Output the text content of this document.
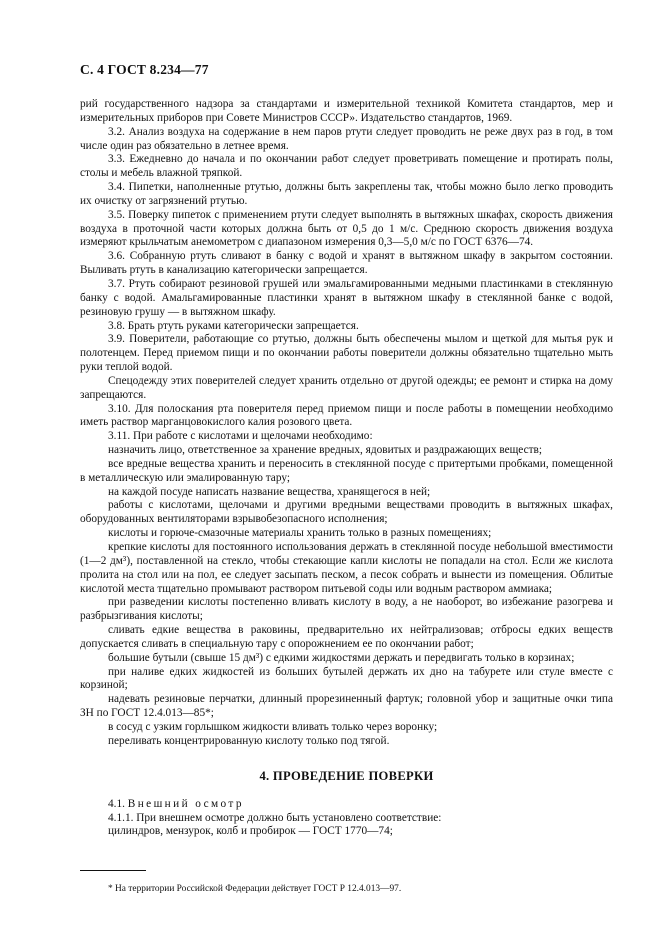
С. 4 ГОСТ 8.234—77

рий государственного надзора за стандартами и измерительной техникой Комитета стандартов, мер и измерительных приборов при Совете Министров СССР». Издательство стандартов, 1969.

3.2. Анализ воздуха на содержание в нем паров ртути следует проводить не реже двух раз в год, в том числе один раз обязательно в летнее время.

3.3. Ежедневно до начала и по окончании работ следует проветривать помещение и протирать полы, столы и мебель влажной тряпкой.

3.4. Пипетки, наполненные ртутью, должны быть закреплены так, чтобы можно было легко проводить их очистку от загрязнений ртутью.

3.5. Поверку пипеток с применением ртути следует выполнять в вытяжных шкафах, скорость движения воздуха в проточной части которых должна быть от 0,5 до 1 м/с. Среднюю скорость движения воздуха измеряют крыльчатым анемометром с диапазоном измерения 0,3—5,0 м/с по ГОСТ 6376—74.

3.6. Собранную ртуть сливают в банку с водой и хранят в вытяжном шкафу в закрытом состоянии. Выливать ртуть в канализацию категорически запрещается.

3.7. Ртуть собирают резиновой грушей или эмальгамированными медными пластинками в стеклянную банку с водой. Амальгамированные пластинки хранят в вытяжном шкафу в стеклянной банке с водой, резиновую грушу — в вытяжном шкафу.

3.8. Брать ртуть руками категорически запрещается.

3.9. Поверители, работающие со ртутью, должны быть обеспечены мылом и щеткой для мытья рук и полотенцем. Перед приемом пищи и по окончании работы поверители должны обязательно тщательно мыть руки теплой водой.

Спецодежду этих поверителей следует хранить отдельно от другой одежды; ее ремонт и стирка на дому запрещаются.

3.10. Для полоскания рта поверителя перед приемом пищи и после работы в помещении необходимо иметь раствор марганцовокислого калия розового цвета.

3.11. При работе с кислотами и щелочами необходимо:

назначить лицо, ответственное за хранение вредных, ядовитых и раздражающих веществ;

все вредные вещества хранить и переносить в стеклянной посуде с притертыми пробками, помещенной в металлическую или эмалированную тару;

на каждой посуде написать название вещества, хранящегося в ней;

работы с кислотами, щелочами и другими вредными веществами проводить в вытяжных шкафах, оборудованных вентиляторами взрывобезопасного исполнения;

кислоты и горюче-смазочные материалы хранить только в разных помещениях;

крепкие кислоты для постоянного использования держать в стеклянной посуде небольшой вместимости (1—2 дм³), поставленной на стекло, чтобы стекающие капли кислоты не попадали на стол. Если же кислота пролита на стол или на пол, ее следует засыпать песком, а песок собрать и вынести из помещения. Облитые кислотой места тщательно промывают раствором питьевой соды или водным раствором аммиака;

при разведении кислоты постепенно вливать кислоту в воду, а не наоборот, во избежание разогрева и разбрызгивания кислоты;

сливать едкие вещества в раковины, предварительно их нейтрализовав; отбросы едких веществ допускается сливать в специальную тару с опорожнением ее по окончании работ;

большие бутыли (свыше 15 дм³) с едкими жидкостями держать и передвигать только в корзинах;

при наливе едких жидкостей из больших бутылей держать их дно на табурете или стуле вместе с корзиной;

надевать резиновые перчатки, длинный прорезиненный фартук; головной убор и защитные очки типа ЗН по ГОСТ 12.4.013—85*;

в сосуд с узким горлышком жидкости вливать только через воронку;

переливать концентрированную кислоту только под тягой.

4. ПРОВЕДЕНИЕ ПОВЕРКИ

4.1. Внешний осмотр

4.1.1. При внешнем осмотре должно быть установлено соответствие:

цилиндров, мензурок, колб и пробирок — ГОСТ 1770—74;

* На территории Российской Федерации действует ГОСТ Р 12.4.013—97.
